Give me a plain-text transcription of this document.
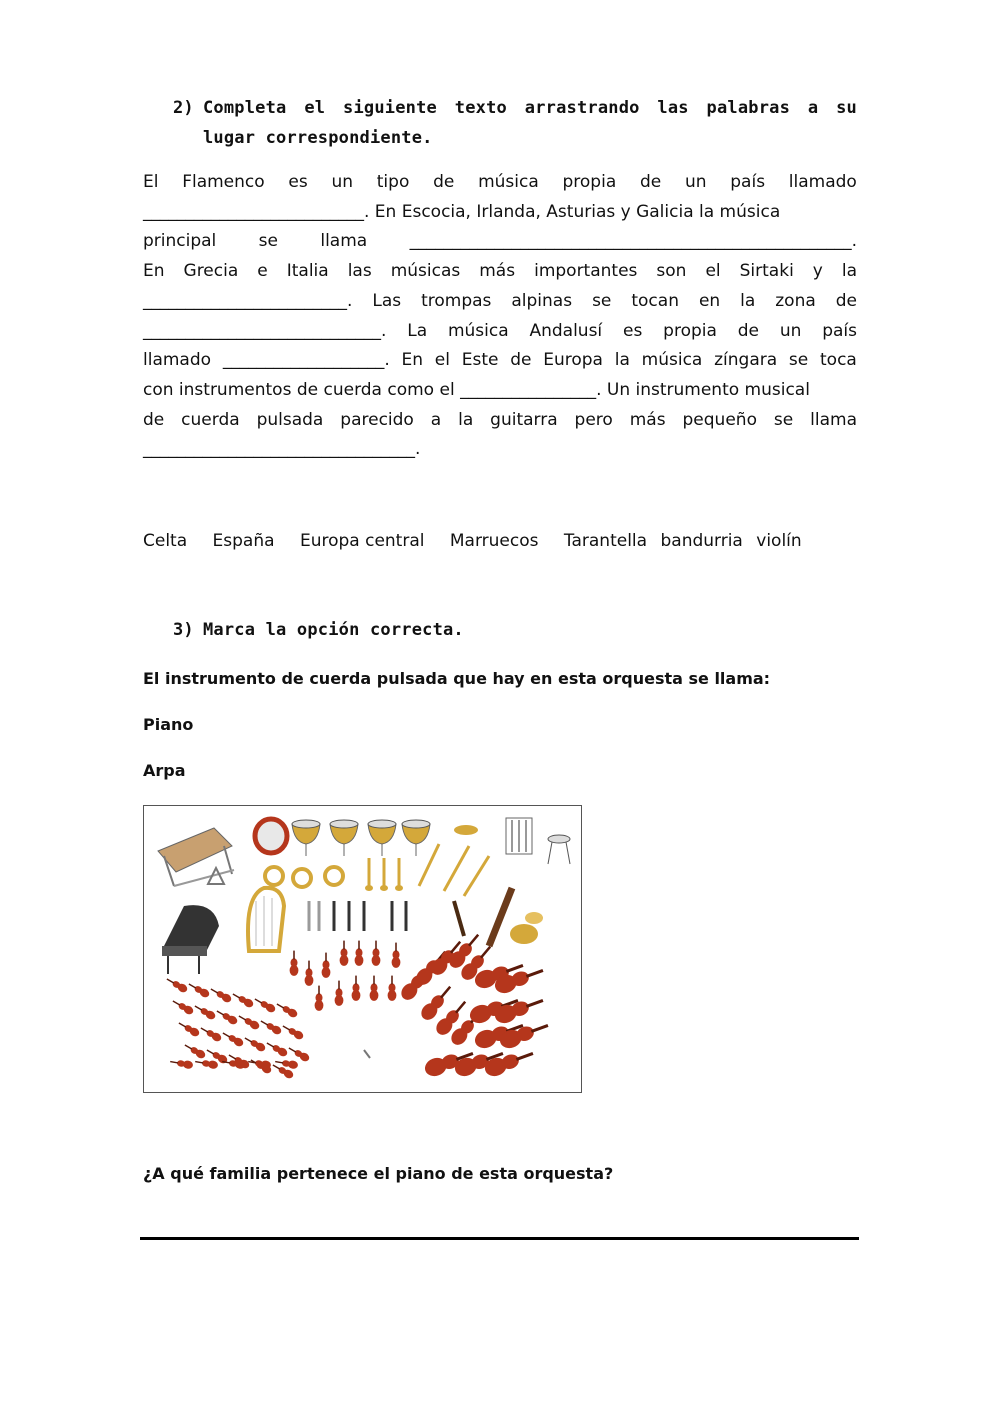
2) Completa el siguiente texto arrastrando las palabras a su lugar correspondiente.
El Flamenco es un tipo de música propia de un país llamado
__________________________. En Escocia, Irlanda, Asturias y Galicia la música
principal se llama ____________________________________________________.
En Grecia e Italia las músicas más importantes son el Sirtaki y la
________________________. Las trompas alpinas se tocan en la zona de
____________________________. La música Andalusí es propia de un país
llamado ___________________. En el Este de Europa la música zíngara se toca
con instrumentos de cuerda como el ________________. Un instrumento musical
de cuerda pulsada parecido a la guitarra pero más pequeño se llama
________________________________.
Celta España Europa central Marruecos Tarantella bandurria violín
3) Marca la opción correcta.
El instrumento de cuerda pulsada que hay en esta orquesta se llama:
Piano
Arpa
¿A qué familia pertenece el piano de esta orquesta?
